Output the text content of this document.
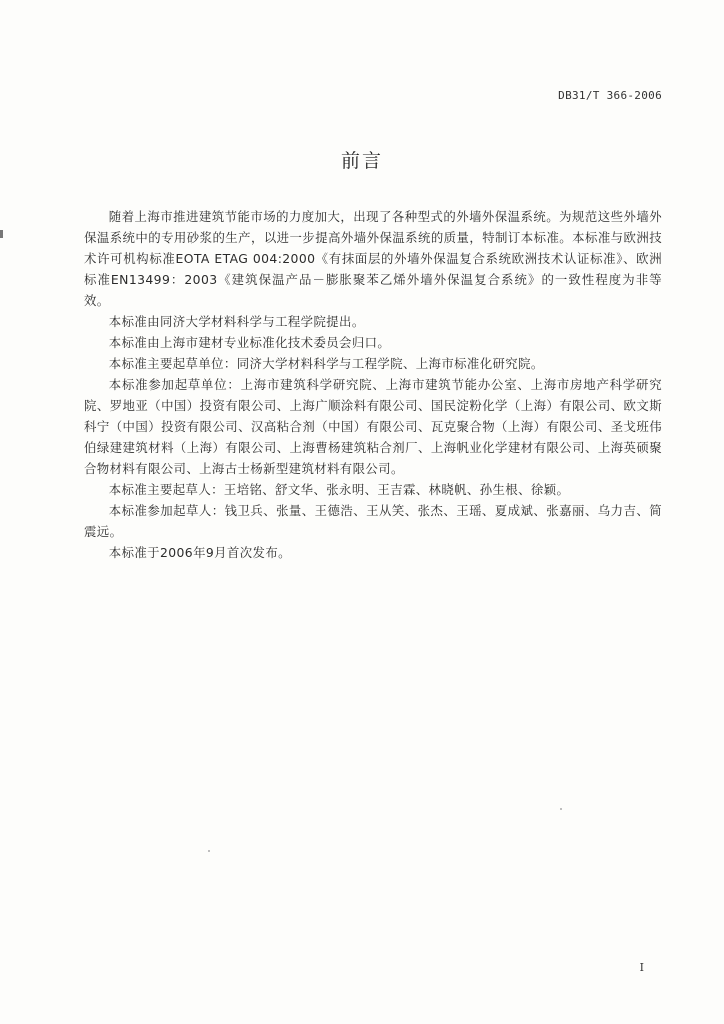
DB31/T 366-2006
前言

随着上海市推进建筑节能市场的力度加大，出现了各种型式的外墙外保温系统。为规范这些外墙外保温系统中的专用砂浆的生产，以进一步提高外墙外保温系统的质量，特制订本标准。本标准与欧洲技术许可机构标准EOTA ETAG 004:2000《有抹面层的外墙外保温复合系统欧洲技术认证标准》、欧洲标准EN13499：2003《建筑保温产品－膨胀聚苯乙烯外墙外保温复合系统》的一致性程度为非等效。

本标准由同济大学材料科学与工程学院提出。

本标准由上海市建材专业标准化技术委员会归口。

本标准主要起草单位：同济大学材料科学与工程学院、上海市标准化研究院。

本标准参加起草单位：上海市建筑科学研究院、上海市建筑节能办公室、上海市房地产科学研究院、罗地亚（中国）投资有限公司、上海广顺涂料有限公司、国民淀粉化学（上海）有限公司、欧文斯科宁（中国）投资有限公司、汉高粘合剂（中国）有限公司、瓦克聚合物（上海）有限公司、圣戈班伟伯绿建建筑材料（上海）有限公司、上海曹杨建筑粘合剂厂、上海帆业化学建材有限公司、上海英硕聚合物材料有限公司、上海古士杨新型建筑材料有限公司。

本标准主要起草人：王培铭、舒文华、张永明、王吉霖、林晓帆、孙生根、徐颖。

本标准参加起草人：钱卫兵、张量、王德浩、王从笑、张杰、王瑶、夏成斌、张嘉丽、乌力吉、简震远。

本标准于2006年9月首次发布。

I
